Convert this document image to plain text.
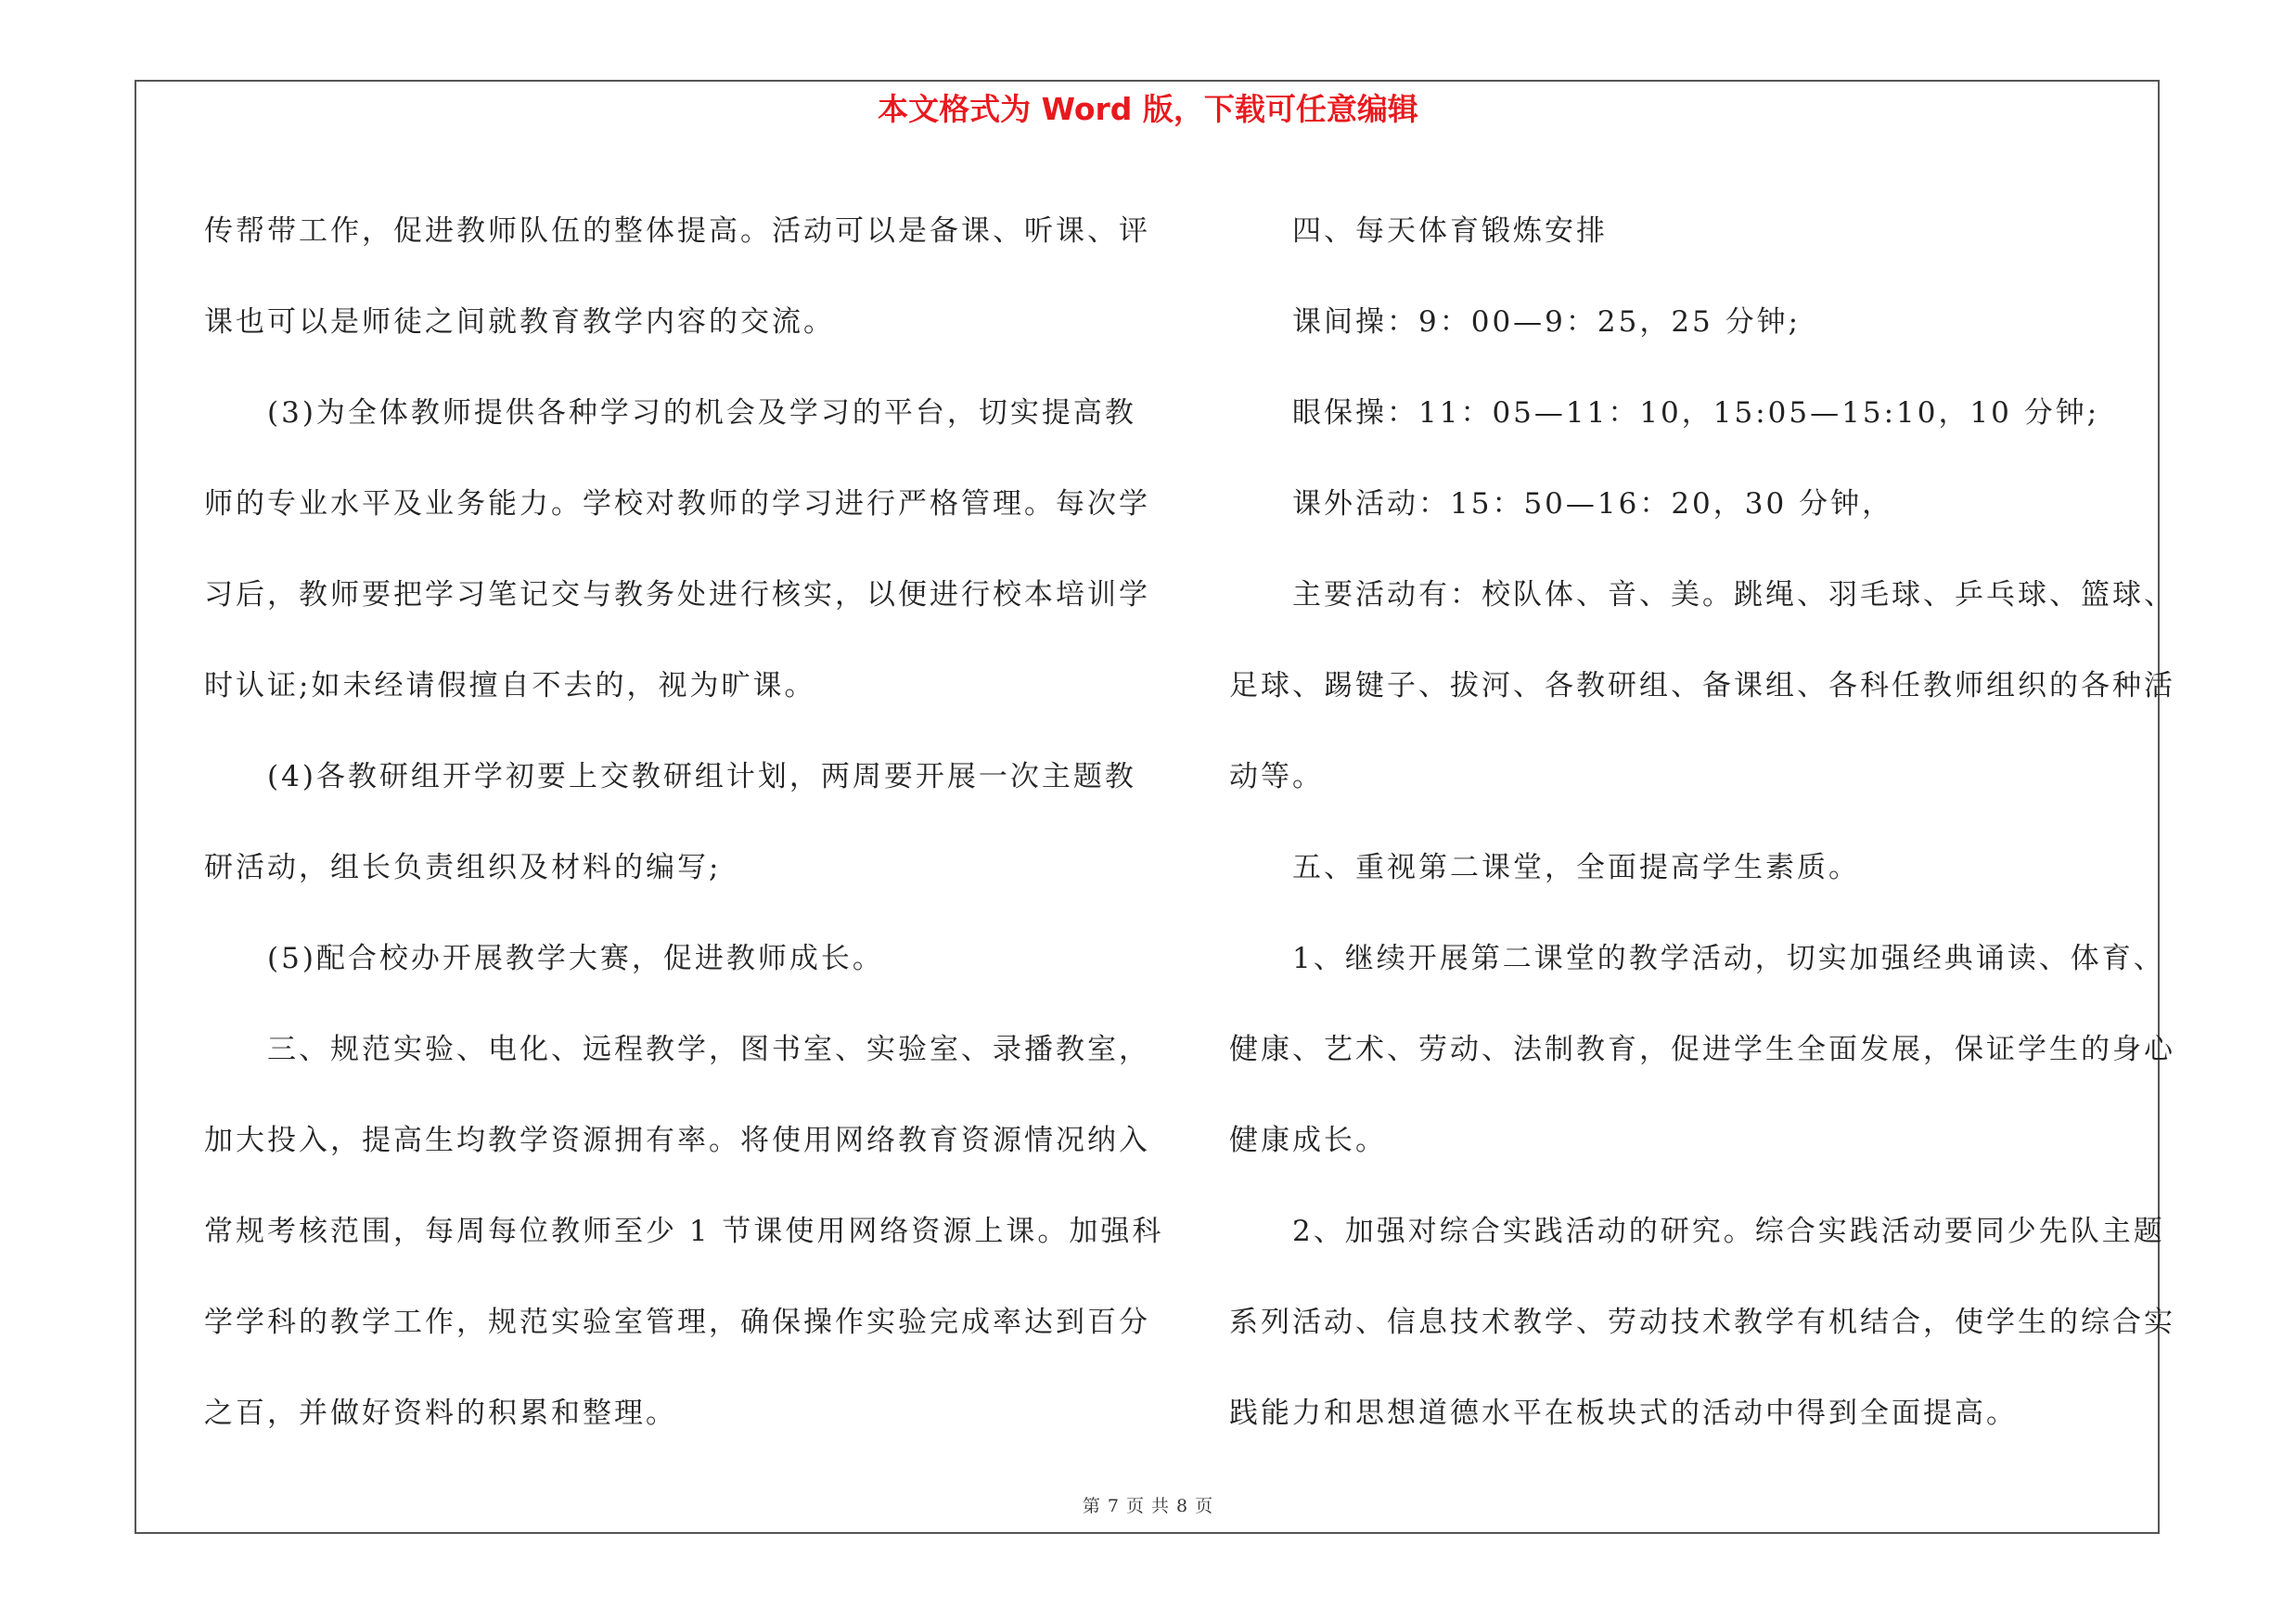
本文格式为 Word 版，下载可任意编辑
传帮带工作，促进教师队伍的整体提高。活动可以是备课、听课、评
课也可以是师徒之间就教育教学内容的交流。
(3)为全体教师提供各种学习的机会及学习的平台，切实提高教
师的专业水平及业务能力。学校对教师的学习进行严格管理。每次学
习后，教师要把学习笔记交与教务处进行核实，以便进行校本培训学
时认证;如未经请假擅自不去的，视为旷课。
(4)各教研组开学初要上交教研组计划，两周要开展一次主题教
研活动，组长负责组织及材料的编写;
(5)配合校办开展教学大赛，促进教师成长。
三、规范实验、电化、远程教学，图书室、实验室、录播教室，
加大投入，提高生均教学资源拥有率。将使用网络教育资源情况纳入
常规考核范围，每周每位教师至少 1 节课使用网络资源上课。加强科
学学科的教学工作，规范实验室管理，确保操作实验完成率达到百分
之百，并做好资料的积累和整理。
四、每天体育锻炼安排
课间操：9：00—9：25，25 分钟;
眼保操：11：05—11：10，15:05—15:10，10 分钟;
课外活动：15：50—16：20，30 分钟，
主要活动有：校队体、音、美。跳绳、羽毛球、乒乓球、篮球、
足球、踢键子、拔河、各教研组、备课组、各科任教师组织的各种活
动等。
五、重视第二课堂，全面提高学生素质。
1、继续开展第二课堂的教学活动，切实加强经典诵读、体育、
健康、艺术、劳动、法制教育，促进学生全面发展，保证学生的身心
健康成长。
2、加强对综合实践活动的研究。综合实践活动要同少先队主题
系列活动、信息技术教学、劳动技术教学有机结合，使学生的综合实
践能力和思想道德水平在板块式的活动中得到全面提高。
第 7 页 共 8 页
